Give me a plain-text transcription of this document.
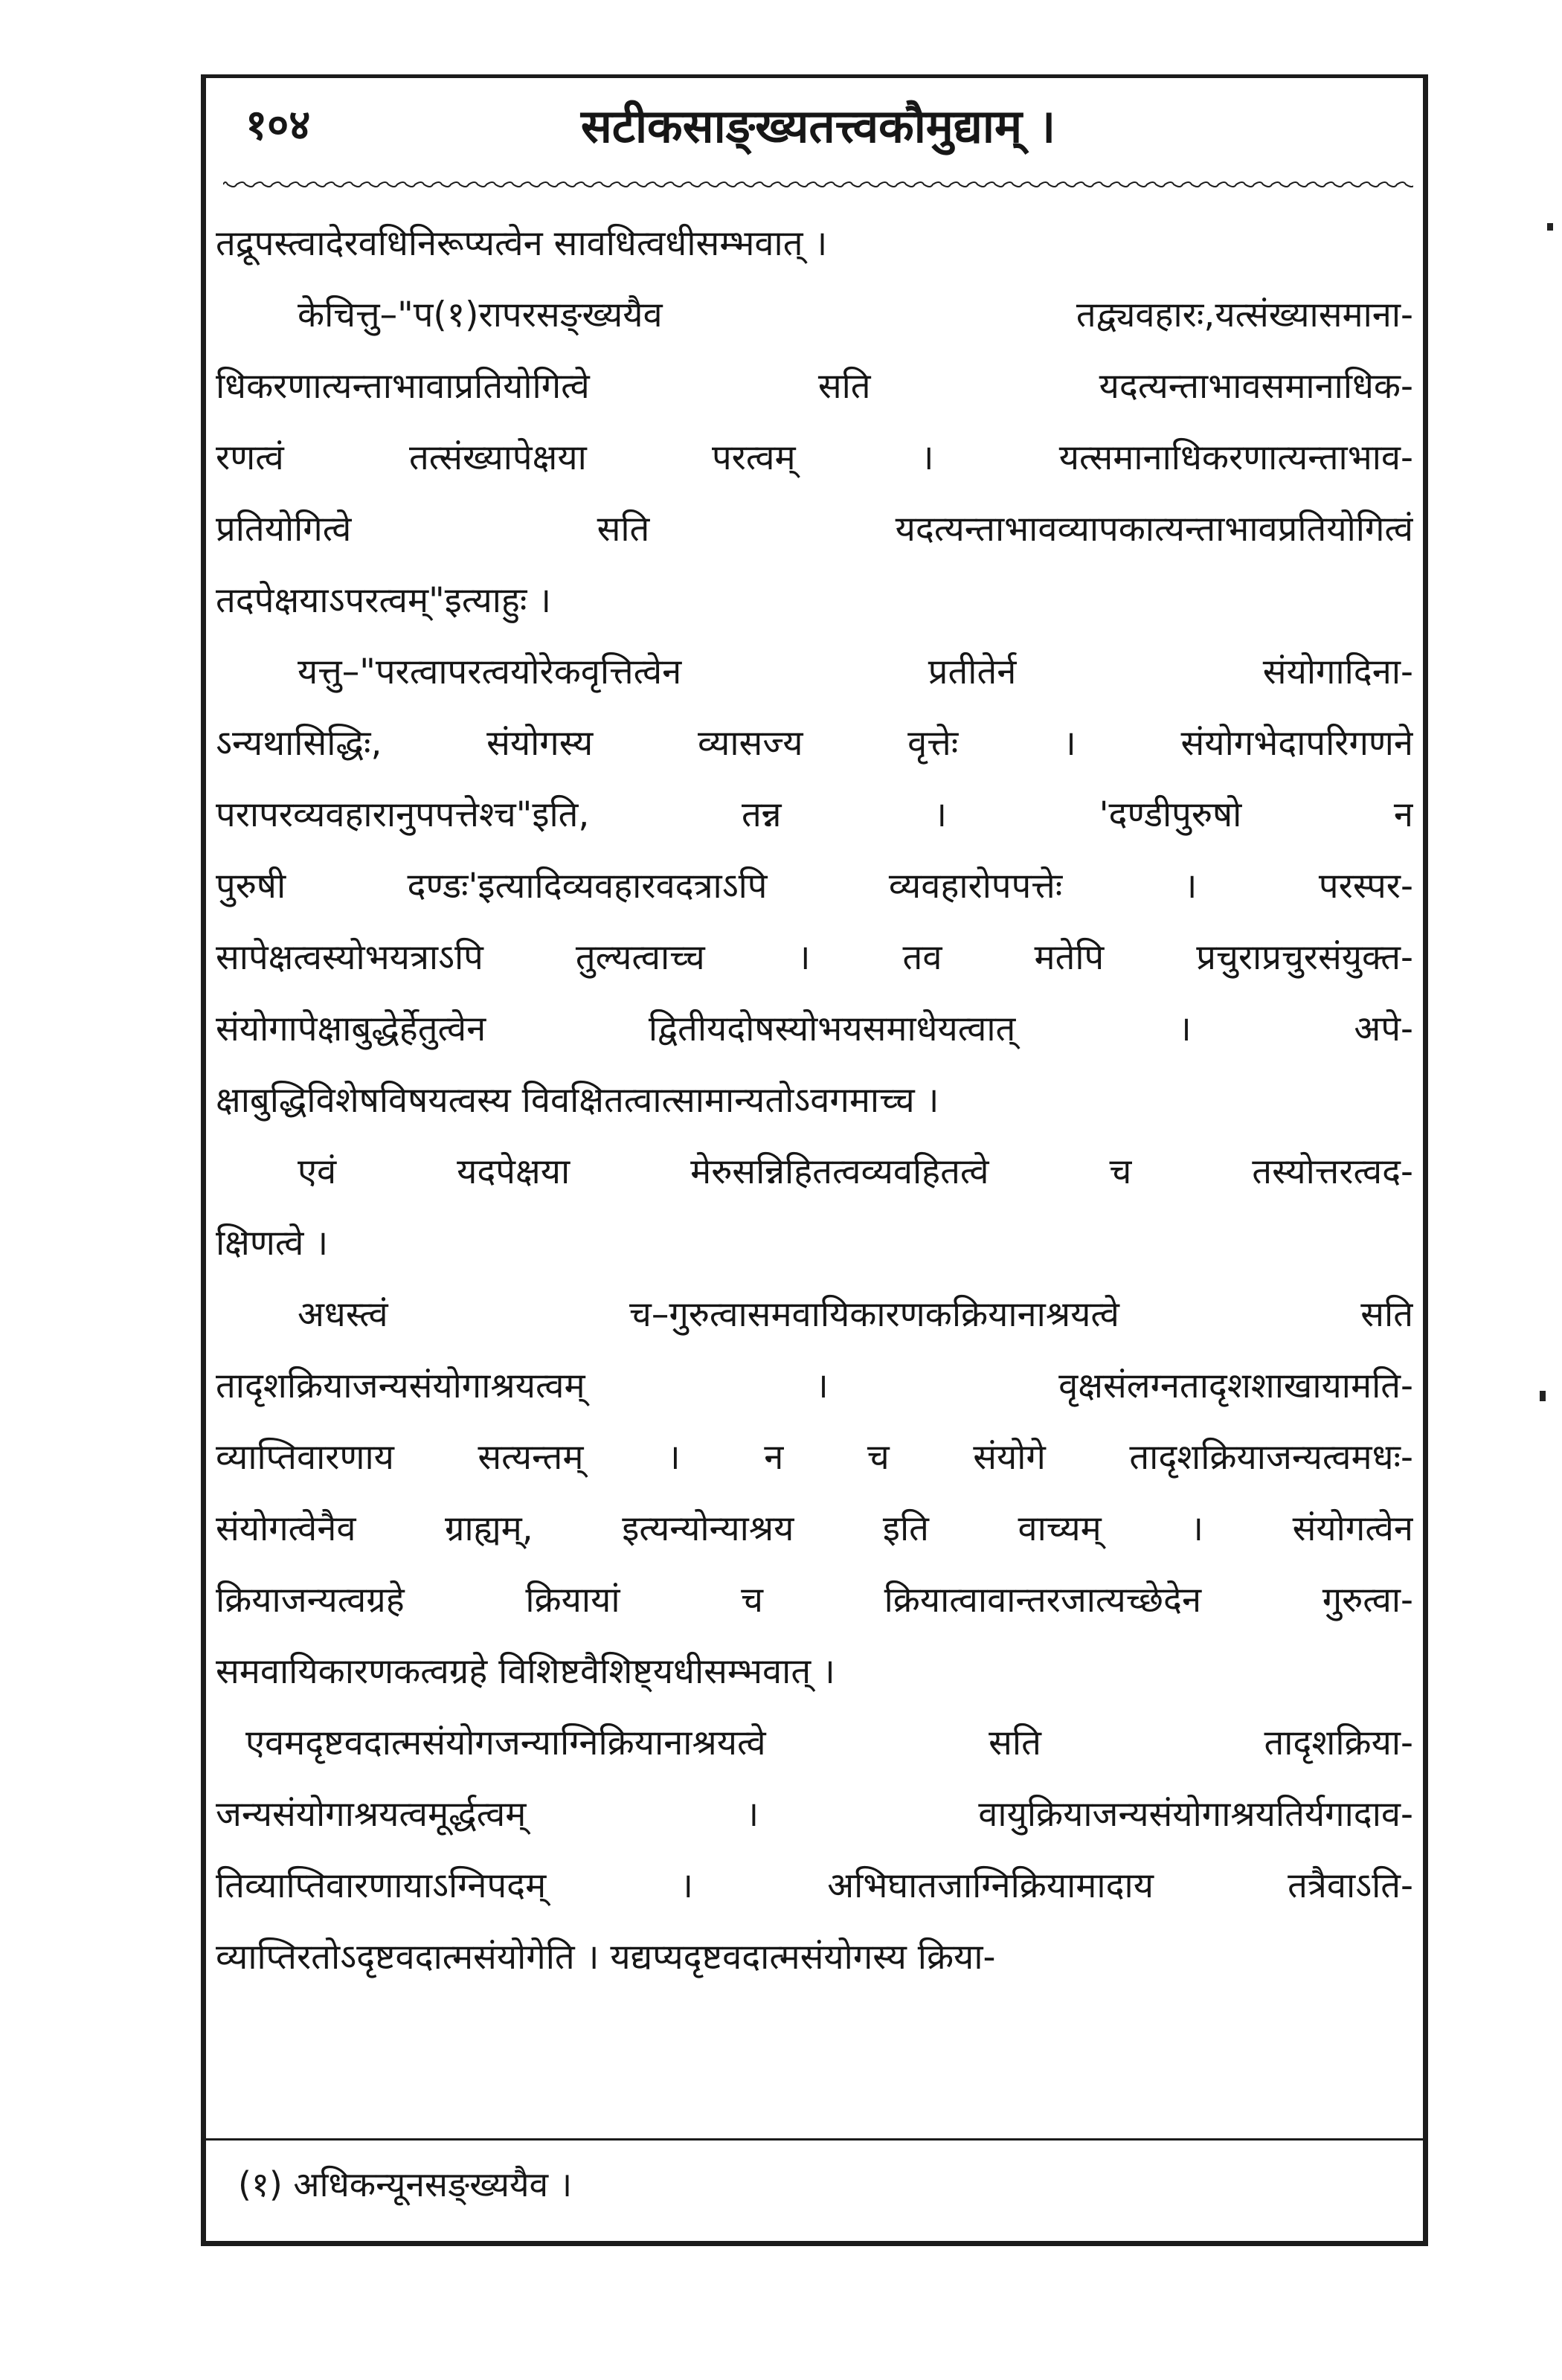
१०४	सटीकसाङ्ख्यतत्त्वकौमुद्याम् ।
तद्रूपस्त्वादेरवधिनिरूप्यत्वेन सावधित्वधीसम्भवात् ।
केचित्तु–"प(१)रापरसङ्ख्ययैव तद्व्यवहारः,यत्संख्यासमाना-
धिकरणात्यन्ताभावाप्रतियोगित्वे सति यदत्यन्ताभावसमानाधिक-
रणत्वं तत्संख्यापेक्षया परत्वम् । यत्समानाधिकरणात्यन्ताभाव-
प्रतियोगित्वे सति यदत्यन्ताभावव्यापकात्यन्ताभावप्रतियोगित्वं
तदपेक्षयाऽपरत्वम्"इत्याहुः ।
यत्तु–"परत्वापरत्वयोरेकवृत्तित्वेन प्रतीतेर्न संयोगादिना-
ऽन्यथासिद्धिः, संयोगस्य व्यासज्य वृत्तेः । संयोगभेदापरिगणने
परापरव्यवहारानुपपत्तेश्च"इति, तन्न । 'दण्डीपुरुषो न
पुरुषी दण्डः'इत्यादिव्यवहारवदत्राऽपि व्यवहारोपपत्तेः । परस्पर-
सापेक्षत्वस्योभयत्राऽपि तुल्यत्वाच्च । तव मतेपि प्रचुराप्रचुरसंयुक्त-
संयोगापेक्षाबुद्धेर्हेतुत्वेन द्वितीयदोषस्योभयसमाधेयत्वात् । अपे-
क्षाबुद्धिविशेषविषयत्वस्य विवक्षितत्वात्सामान्यतोऽवगमाच्च ।
एवं यदपेक्षया मेरुसन्निहितत्वव्यवहितत्वे च तस्योत्तरत्वद-
क्षिणत्वे ।
अधस्त्वं च–गुरुत्वासमवायिकारणकक्रियानाश्रयत्वे सति
तादृशक्रियाजन्यसंयोगाश्रयत्वम् । वृक्षसंलग्नतादृशशाखायामति-
व्याप्तिवारणाय सत्यन्तम् । न च संयोगे तादृशक्रियाजन्यत्वमधः-
संयोगत्वेनैव ग्राह्यम्, इत्यन्योन्याश्रय इति वाच्यम् । संयोगत्वेन
क्रियाजन्यत्वग्रहे क्रियायां च क्रियात्वावान्तरजात्यच्छेदेन गुरुत्वा-
समवायिकारणकत्वग्रहे विशिष्टवैशिष्ट्यधीसम्भवात् ।
एवमदृष्टवदात्मसंयोगजन्याग्निक्रियानाश्रयत्वे सति तादृशक्रिया-
जन्यसंयोगाश्रयत्वमूर्द्धत्वम् । वायुक्रियाजन्यसंयोगाश्रयतिर्यगादाव-
तिव्याप्तिवारणायाऽग्निपदम् । अभिघातजाग्निक्रियामादाय तत्रैवाऽति-
व्याप्तिरतोऽदृष्टवदात्मसंयोगेति । यद्यप्यदृष्टवदात्मसंयोगस्य क्रिया-
(१) अधिकन्यूनसङ्ख्ययैव ।
